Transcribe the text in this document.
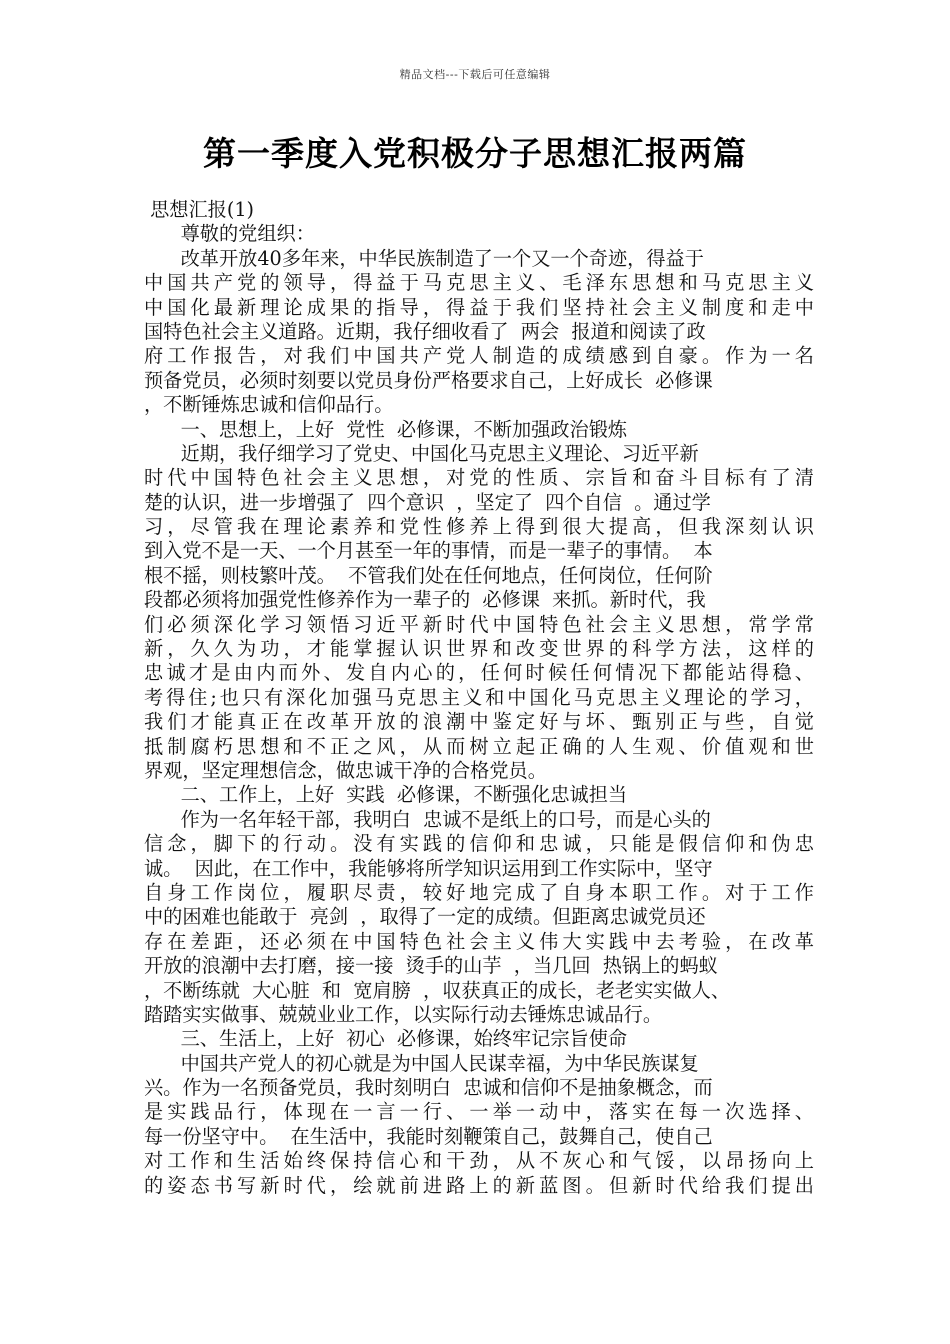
精品文档---下载后可任意编辑
第一季度入党积极分子思想汇报两篇
思想汇报(1)
尊敬的党组织：
改革开放40多年来，中华民族制造了一个又一个奇迹，得益于
中国共产党的领导，得益于马克思主义、毛泽东思想和马克思主义
中国化最新理论成果的指导，得益于我们坚持社会主义制度和走中
国特色社会主义道路。近期，我仔细收看了  两会  报道和阅读了政
府工作报告，对我们中国共产党人制造的成绩感到自豪。作为一名
预备党员，必须时刻要以党员身份严格要求自己，上好成长  必修课
，不断锤炼忠诚和信仰品行。
一、思想上，上好  党性  必修课，不断加强政治锻炼
近期，我仔细学习了党史、中国化马克思主义理论、习近平新
时代中国特色社会主义思想，对党的性质、宗旨和奋斗目标有了清
楚的认识，进一步增强了  四个意识  ，坚定了  四个自信  。通过学
习，尽管我在理论素养和党性修养上得到很大提高，但我深刻认识
到入党不是一天、一个月甚至一年的事情，而是一辈子的事情。  本
根不摇，则枝繁叶茂。  不管我们处在任何地点，任何岗位，任何阶
段都必须将加强党性修养作为一辈子的  必修课  来抓。新时代，我
们必须深化学习领悟习近平新时代中国特色社会主义思想，常学常
新，久久为功，才能掌握认识世界和改变世界的科学方法，这样的
忠诚才是由内而外、发自内心的，任何时候任何情况下都能站得稳、
考得住;也只有深化加强马克思主义和中国化马克思主义理论的学习，
我们才能真正在改革开放的浪潮中鉴定好与坏、甄别正与些，自觉
抵制腐朽思想和不正之风，从而树立起正确的人生观、价值观和世
界观，坚定理想信念，做忠诚干净的合格党员。
二、工作上，上好  实践  必修课，不断强化忠诚担当
作为一名年轻干部，我明白  忠诚不是纸上的口号，而是心头的
信念，脚下的行动。没有实践的信仰和忠诚，只能是假信仰和伪忠
诚。  因此，在工作中，我能够将所学知识运用到工作实际中，坚守
自身工作岗位，履职尽责，较好地完成了自身本职工作。对于工作
中的困难也能敢于  亮剑  ，取得了一定的成绩。但距离忠诚党员还
存在差距，还必须在中国特色社会主义伟大实践中去考验，在改革
开放的浪潮中去打磨，接一接  烫手的山芋  ，当几回  热锅上的蚂蚁
，不断练就  大心脏  和  宽肩膀  ，収获真正的成长，老老实实做人、
踏踏实实做事、兢兢业业工作，以实际行动去锤炼忠诚品行。
三、生活上，上好  初心  必修课，始终牢记宗旨使命
中国共产党人的初心就是为中国人民谋幸福，为中华民族谋复
兴。作为一名预备党员，我时刻明白  忠诚和信仰不是抽象概念，而
是实践品行，体现在一言一行、一举一动中，落实在每一次选择、
每一份坚守中。  在生活中，我能时刻鞭策自己，鼓舞自己，使自己
对工作和生活始终保持信心和干劲，从不灰心和气馁，以昂扬向上
的姿态书写新时代，绘就前进路上的新蓝图。但新时代给我们提出
